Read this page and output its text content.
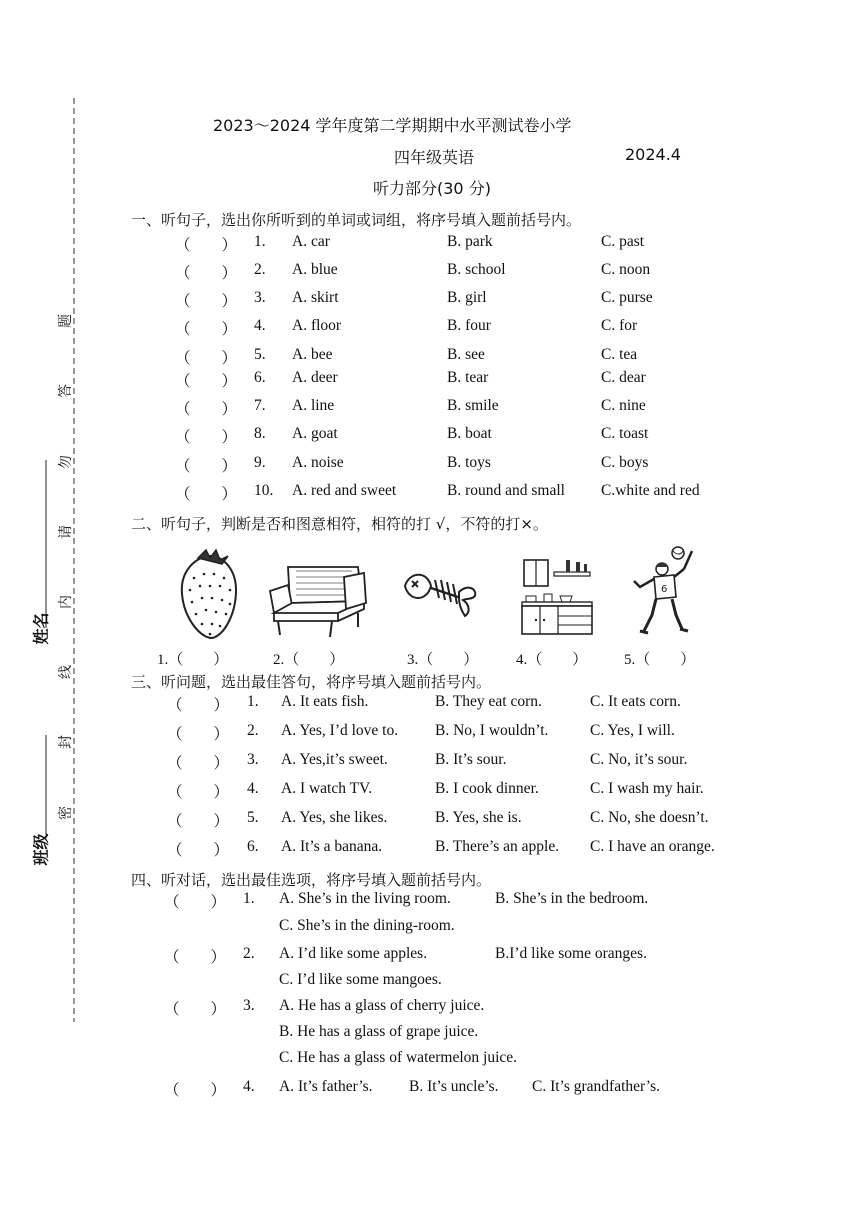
题
答
勿
请
内
线
封
密
姓名
班级
2023～2024 学年度第二学期期中水平测试卷小学
四年级英语	2024.4
听力部分(30 分)
一、听句子，选出你所听到的单词或词组，将序号填入题前括号内。
（　　） 1. A. car	B. park	C. past
（　　） 2. A. blue	B. school	C. noon
（　　） 3. A. skirt	B. girl	C. purse
（　　） 4. A. floor	B. four	C. for
（　　） 5. A. bee	B. see	C. tea
（　　） 6. A. deer	B. tear	C. dear
（　　） 7. A. line	B. smile	C. nine
（　　） 8. A. goat	B. boat	C. toast
（　　） 9. A. noise	B. toys	C. boys
（　　） 10. A. red and sweet	B. round and small C.white and red
二、听句子，判断是否和图意相符，相符的打 √，不符的打×。
6
1.（　　）	2.（　　）	3.（　　）	4.（　　） 5.（　　）
三、听问题，选出最佳答句，将序号填入题前括号内。
（　　） 1. A. It eats fish.	B. They eat corn.	C. It eats corn.
（　　） 2. A. Yes, I’d love to. B. No, I wouldn’t.	C. Yes, I will.
（　　） 3. A. Yes,it’s sweet.	B. It’s sour.	C. No, it’s sour.
（　　） 4. A. I watch TV.	B. I cook dinner.	C. I wash my hair.
（　　） 5. A. Yes, she likes.	B. Yes, she is.	C. No, she doesn’t.
（　　） 6. A. It’s a banana.	B. There’s an apple. C. I have an orange.
四、听对话，选出最佳选项，将序号填入题前括号内。
（　　） 1. A. She’s in the living room.	B. She’s in the bedroom.
C. She’s in the dining-room.
（　　） 2. A. I’d like some apples.	B.I’d like some oranges.
C. I’d like some mangoes.
（　　） 3. A. He has a glass of cherry juice.
B. He has a glass of grape juice.
C. He has a glass of watermelon juice.
（　　） 4. A. It’s father’s. B. It’s uncle’s. C. It’s grandfather’s.
